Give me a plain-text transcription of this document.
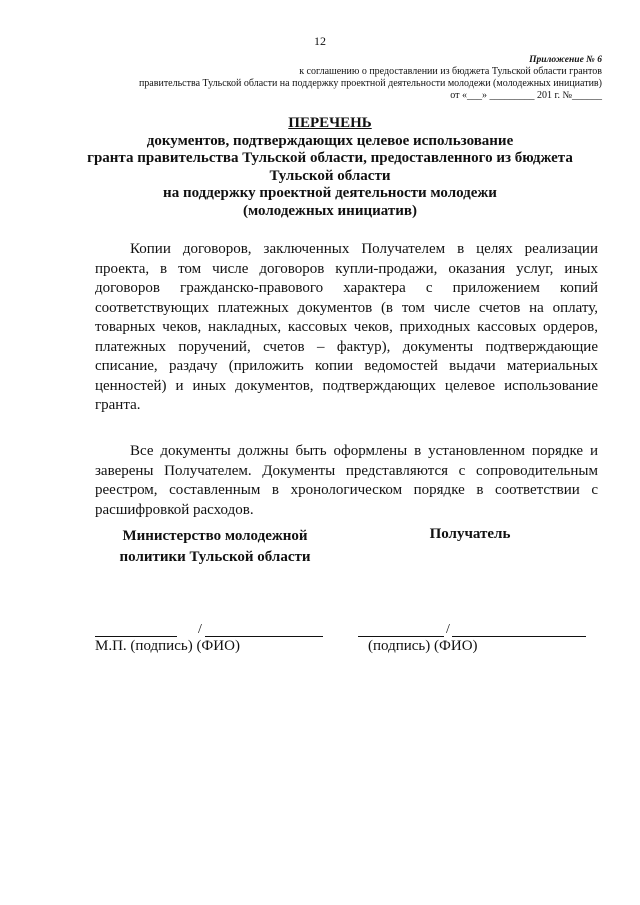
12
Приложение № 6
к соглашению о предоставлении из бюджета Тульской области грантов
правительства Тульской области на поддержку проектной деятельности молодежи (молодежных инициатив)
от «___» _________ 201 г. №______
ПЕРЕЧЕНЬ
документов, подтверждающих целевое использование
гранта правительства Тульской области, предоставленного из бюджета
Тульской области
на поддержку проектной деятельности молодежи
(молодежных инициатив)

Копии договоров, заключенных Получателем в целях реализации проекта, в том числе договоров купли-продажи, оказания услуг, иных договоров гражданско-правового характера с приложением копий соответствующих платежных документов (в том числе счетов на оплату, товарных чеков, накладных, кассовых чеков, приходных кассовых ордеров, платежных поручений, счетов – фактур), документы подтверждающие списание, раздачу (приложить копии ведомостей выдачи материальных ценностей) и иных документов, подтверждающих целевое использование гранта.

Все документы должны быть оформлены в установленном порядке и заверены Получателем. Документы представляются с сопроводительным реестром, составленным в хронологическом порядке в соответствии с расшифровкой расходов.

Министерство молодежной
политики Тульской области
Получатель
/	/
М.П. (подпись) (ФИО)	(подпись) (ФИО)
